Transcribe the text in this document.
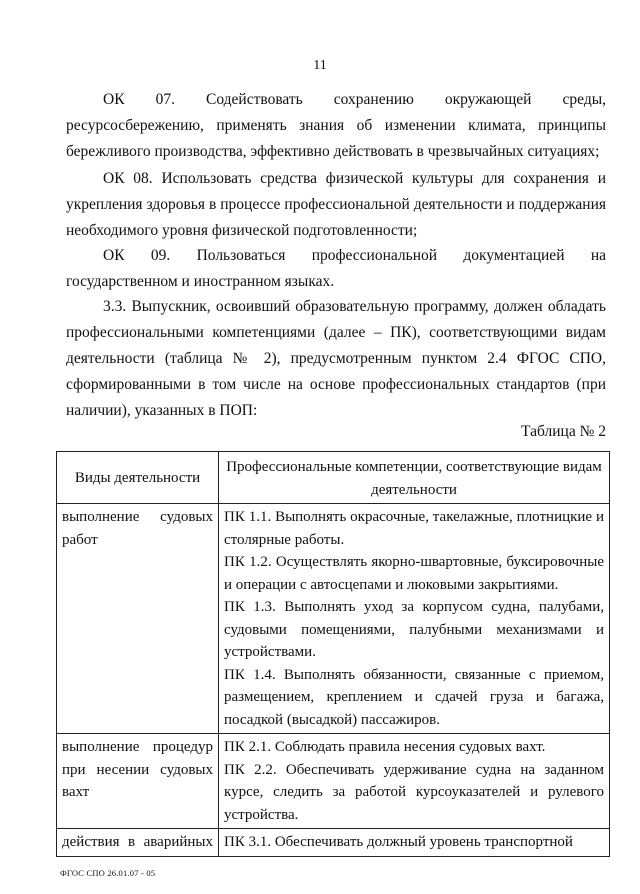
11

ОК 07. Содействовать сохранению окружающей среды, ресурсосбережению, применять знания об изменении климата, принципы бережливого производства, эффективно действовать в чрезвычайных ситуациях;

ОК 08. Использовать средства физической культуры для сохранения и укрепления здоровья в процессе профессиональной деятельности и поддержания необходимого уровня физической подготовленности;

ОК 09. Пользоваться профессиональной документацией на государственном и иностранном языках.

3.3. Выпускник, освоивший образовательную программу, должен обладать профессиональными компетенциями (далее – ПК), соответствующими видам деятельности (таблица № 2), предусмотренным пунктом 2.4 ФГОС СПО, сформированными в том числе на основе профессиональных стандартов (при наличии), указанных в ПОП:

Таблица № 2
Виды деятельности	Профессиональные компетенции, соответствующие видам деятельности
выполнение судовых работ	ПК 1.1. Выполнять окрасочные, такелажные, плотницкие и столярные работы.

ПК 1.2. Осуществлять якорно-швартовные, буксировочные и операции с автосцепами и люковыми закрытиями.

ПК 1.3. Выполнять уход за корпусом судна, палубами, судовыми помещениями, палубными механизмами и устройствами.

ПК 1.4. Выполнять обязанности, связанные с приемом, размещением, креплением и сдачей груза и багажа, посадкой (высадкой) пассажиров.

выполнение процедур при несении судовых вахт	ПК 2.1. Соблюдать правила несения судовых вахт.

ПК 2.2. Обеспечивать удерживание судна на заданном курсе, следить за работой курсоуказателей и рулевого устройства.

действия в аварийных	ПК 3.1. Обеспечивать должный уровень транспортной

ФГОС СПО 26.01.07 - 05
